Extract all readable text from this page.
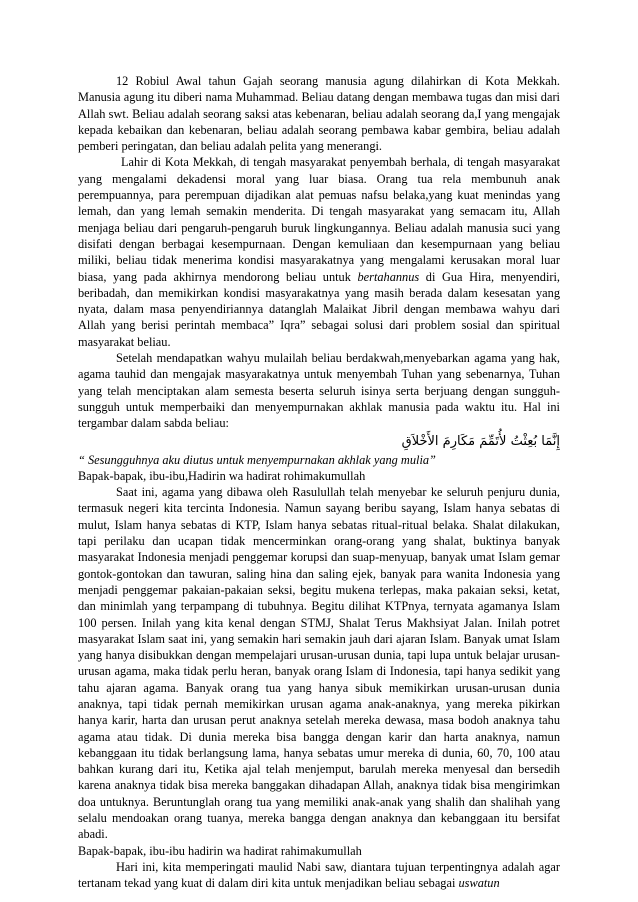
12 Robiul Awal tahun Gajah seorang manusia agung dilahirkan di Kota Mekkah. Manusia agung itu diberi nama Muhammad. Beliau datang dengan membawa tugas dan misi dari Allah swt. Beliau adalah seorang saksi atas kebenaran, beliau adalah seorang da,I yang mengajak kepada kebaikan dan kebenaran, beliau adalah seorang pembawa kabar gembira, beliau adalah pemberi peringatan, dan beliau adalah pelita yang menerangi.

Lahir di Kota Mekkah, di tengah masyarakat penyembah berhala, di tengah masyarakat yang mengalami dekadensi moral yang luar biasa. Orang tua rela membunuh anak perempuannya, para perempuan dijadikan alat pemuas nafsu belaka,yang kuat menindas yang lemah, dan yang lemah semakin menderita. Di tengah masyarakat yang semacam itu, Allah menjaga beliau dari pengaruh-pengaruh buruk lingkungannya. Beliau adalah manusia suci yang disifati dengan berbagai kesempurnaan. Dengan kemuliaan dan kesempurnaan yang beliau miliki, beliau tidak menerima kondisi masyarakatnya yang mengalami kerusakan moral luar biasa, yang pada akhirnya mendorong beliau untuk bertahannus di Gua Hira, menyendiri, beribadah, dan memikirkan kondisi masyarakatnya yang masih berada dalam kesesatan yang nyata, dalam masa penyendiriannya datanglah Malaikat Jibril dengan membawa wahyu dari Allah yang berisi perintah membaca” Iqra” sebagai solusi dari problem sosial dan spiritual masyarakat beliau.

Setelah mendapatkan wahyu mulailah beliau berdakwah,menyebarkan agama yang hak, agama tauhid dan mengajak masyarakatnya untuk menyembah Tuhan yang sebenarnya, Tuhan yang telah menciptakan alam semesta beserta seluruh isinya serta berjuang dengan sungguh-sungguh untuk memperbaiki dan menyempurnakan akhlak manusia pada waktu itu. Hal ini tergambar dalam sabda beliau:

إِنَّمَا بُعِثْتُ لأُتَمِّمَ مَكَارِمَ الأَخْلاَقِ

“ Sesungguhnya aku diutus untuk menyempurnakan akhlak yang mulia”

Bapak-bapak, ibu-ibu,Hadirin wa hadirat rohimakumullah

Saat ini, agama yang dibawa oleh Rasulullah telah menyebar ke seluruh penjuru dunia, termasuk negeri kita tercinta Indonesia. Namun sayang beribu sayang, Islam hanya sebatas di mulut, Islam hanya sebatas di KTP, Islam hanya sebatas ritual-ritual belaka. Shalat dilakukan, tapi perilaku dan ucapan tidak mencerminkan orang-orang yang shalat, buktinya banyak masyarakat Indonesia menjadi penggemar korupsi dan suap-menyuap, banyak umat Islam gemar gontok-gontokan dan tawuran, saling hina dan saling ejek, banyak para wanita Indonesia yang menjadi penggemar pakaian-pakaian seksi, begitu mukena terlepas, maka pakaian seksi, ketat, dan minimlah yang terpampang di tubuhnya. Begitu dilihat KTPnya, ternyata agamanya Islam 100 persen. Inilah yang kita kenal dengan STMJ, Shalat Terus Makhsiyat Jalan. Inilah potret masyarakat Islam saat ini, yang semakin hari semakin jauh dari ajaran Islam. Banyak umat Islam yang hanya disibukkan dengan mempelajari urusan-urusan dunia, tapi lupa untuk belajar urusan-urusan agama, maka tidak perlu heran, banyak orang Islam di Indonesia, tapi hanya sedikit yang tahu ajaran agama. Banyak orang tua yang hanya sibuk memikirkan urusan-urusan dunia anaknya, tapi tidak pernah memikirkan urusan agama anak-anaknya, yang mereka pikirkan hanya karir, harta dan urusan perut anaknya setelah mereka dewasa, masa bodoh anaknya tahu agama atau tidak. Di dunia mereka bisa bangga dengan karir dan harta anaknya, namun kebanggaan itu tidak berlangsung lama, hanya sebatas umur mereka di dunia, 60, 70, 100 atau bahkan kurang dari itu, Ketika ajal telah menjemput, barulah mereka menyesal dan bersedih karena anaknya tidak bisa mereka banggakan dihadapan Allah, anaknya tidak bisa mengirimkan doa untuknya. Beruntunglah orang tua yang memiliki anak-anak yang shalih dan shalihah yang selalu mendoakan orang tuanya, mereka bangga dengan anaknya dan kebanggaan itu bersifat abadi.

Bapak-bapak, ibu-ibu hadirin wa hadirat rahimakumullah

Hari ini, kita memperingati maulid Nabi saw, diantara tujuan terpentingnya adalah agar tertanam tekad yang kuat di dalam diri kita untuk menjadikan beliau sebagai uswatun
